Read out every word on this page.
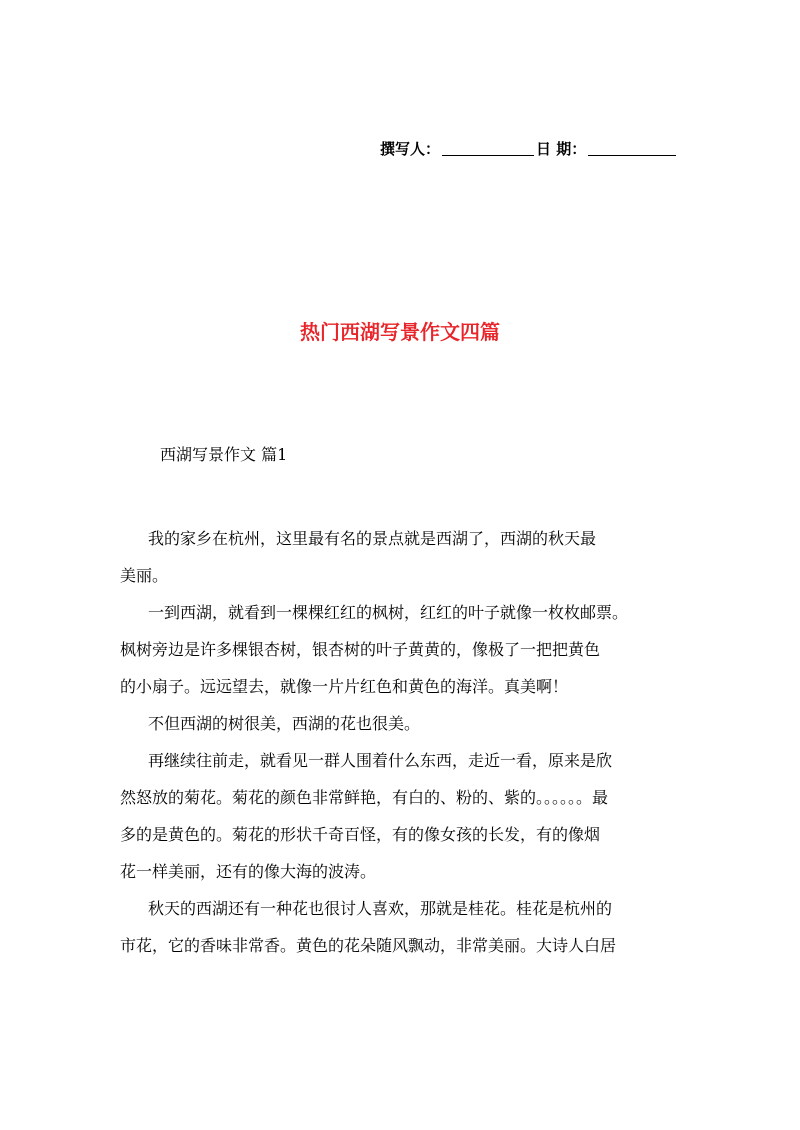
撰写人：	日 期：
热门西湖写景作文四篇
西湖写景作文 篇1
我的家乡在杭州，这里最有名的景点就是西湖了，西湖的秋天最
美丽。
一到西湖，就看到一棵棵红红的枫树，红红的叶子就像一枚枚邮票。
枫树旁边是许多棵银杏树，银杏树的叶子黄黄的，像极了一把把黄色
的小扇子。远远望去，就像一片片红色和黄色的海洋。真美啊！
不但西湖的树很美，西湖的花也很美。
再继续往前走，就看见一群人围着什么东西，走近一看，原来是欣
然怒放的菊花。菊花的颜色非常鲜艳，有白的、粉的、紫的。。。。。。最
多的是黄色的。菊花的形状千奇百怪，有的像女孩的长发，有的像烟
花一样美丽，还有的像大海的波涛。
秋天的西湖还有一种花也很讨人喜欢，那就是桂花。桂花是杭州的
市花，它的香味非常香。黄色的花朵随风飘动，非常美丽。大诗人白居
